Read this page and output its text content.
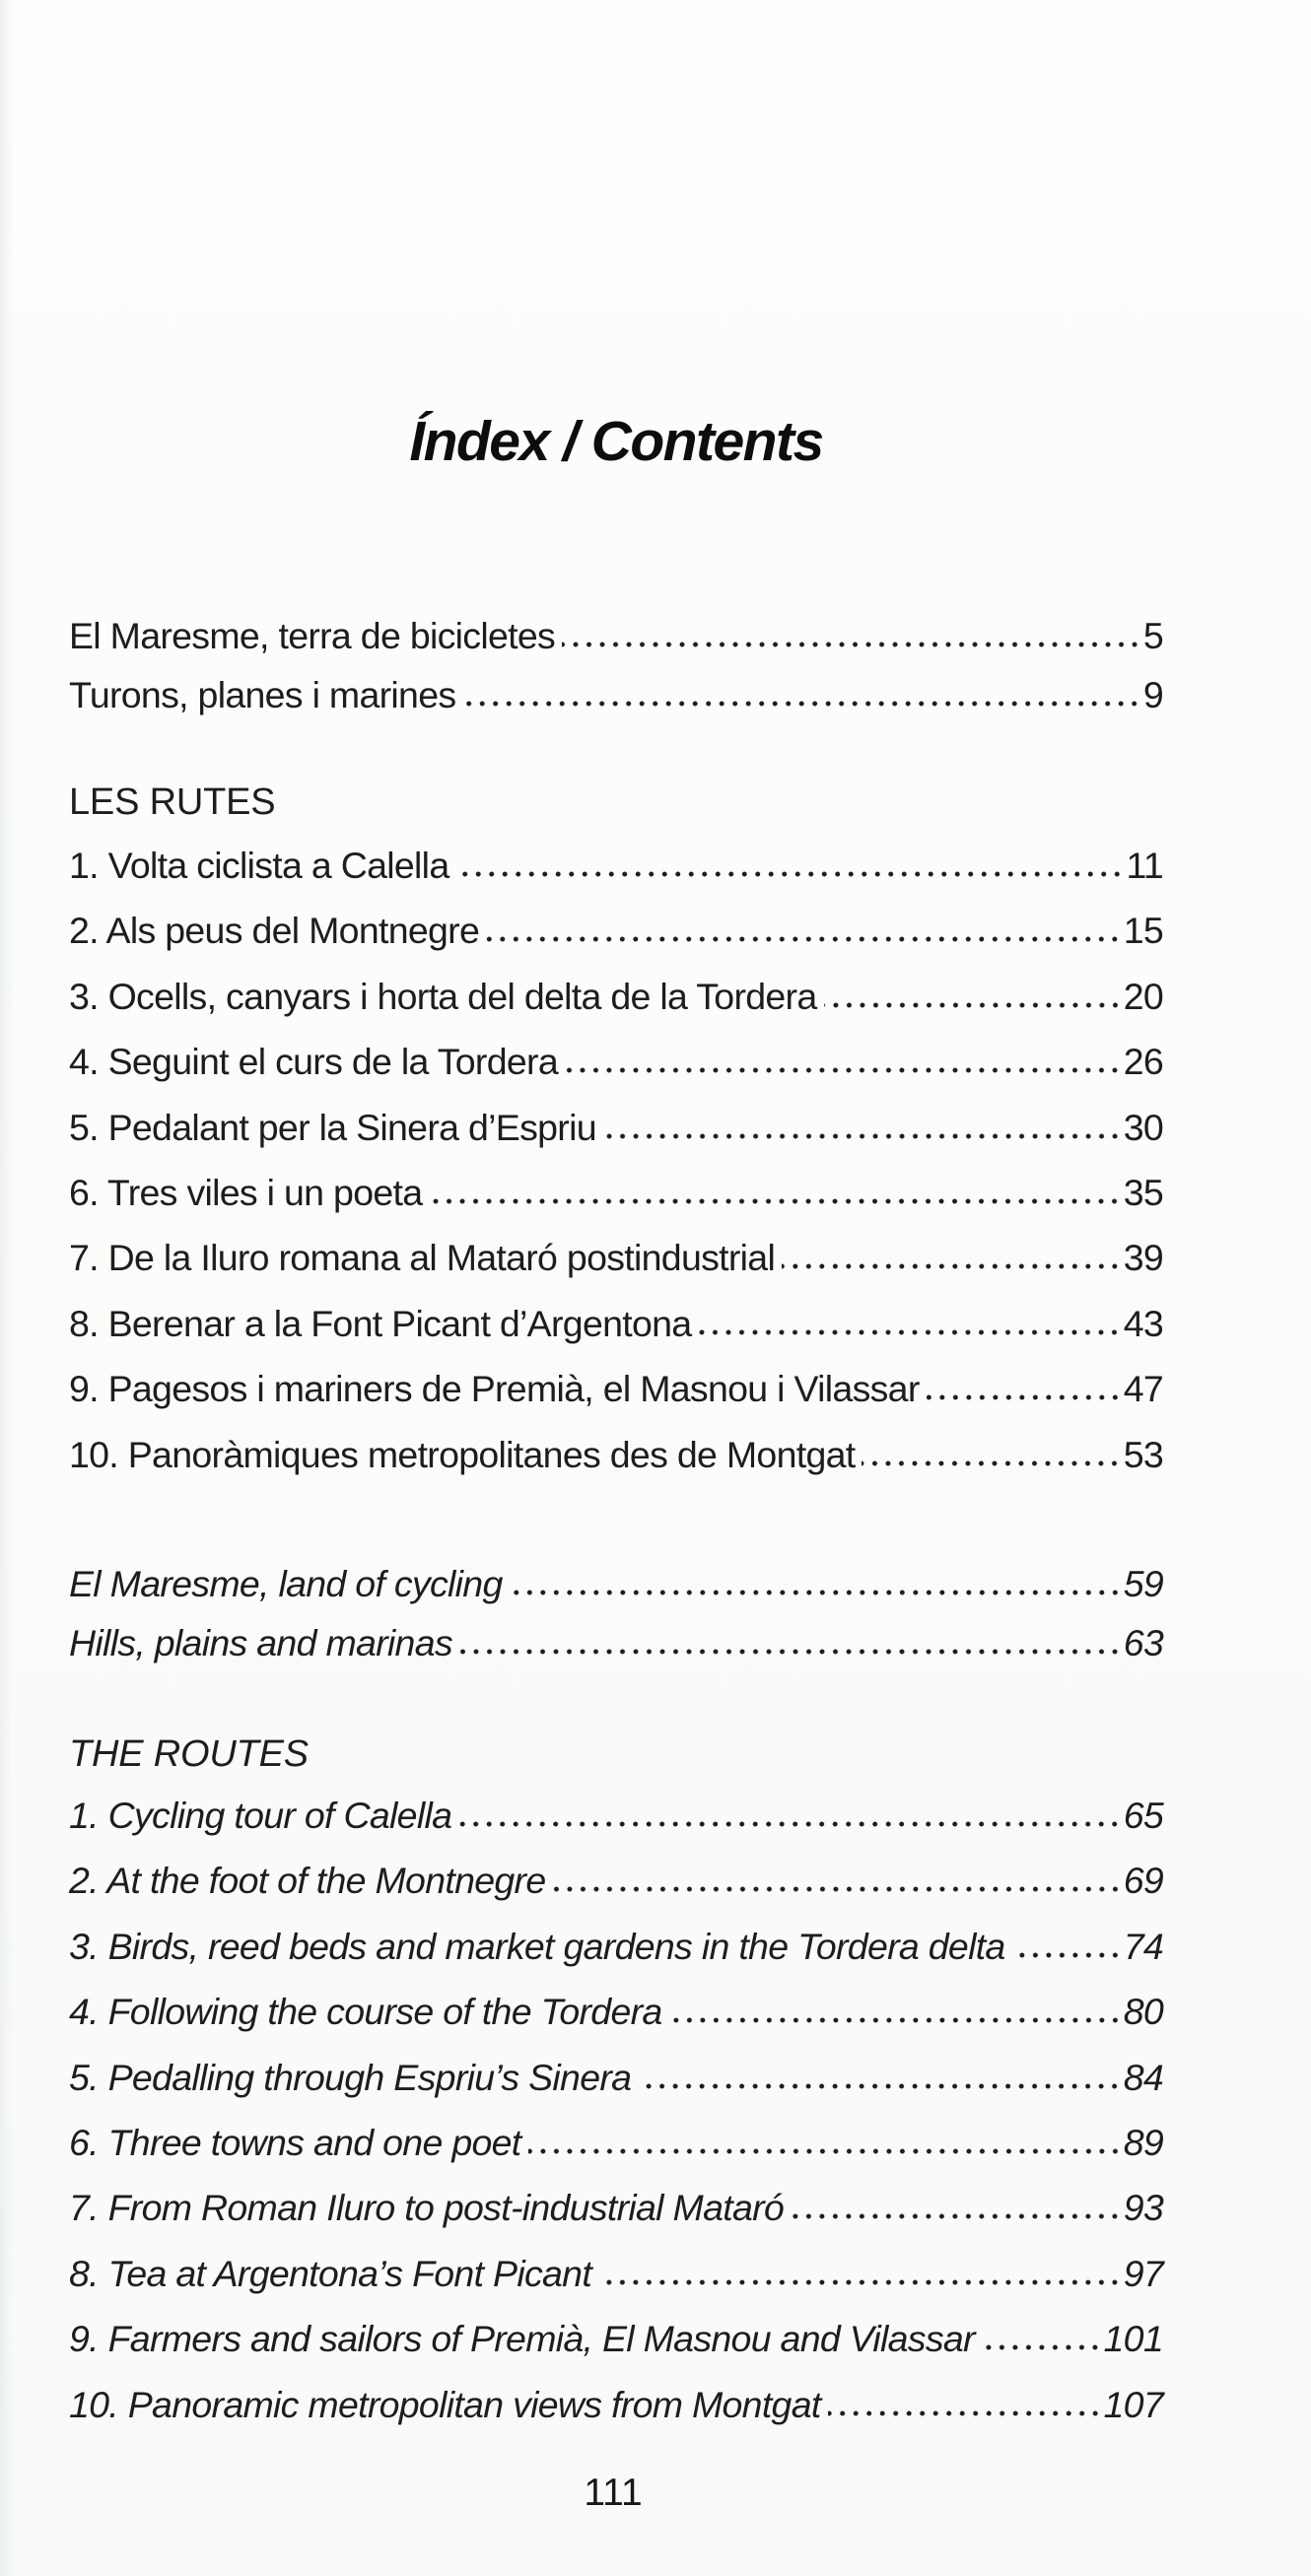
Índex / Contents
El Maresme, terra de bicicletes	5
Turons, planes i marines	9
LES RUTES
1. Volta ciclista a Calella	11
2. Als peus del Montnegre	15
3. Ocells, canyars i horta del delta de la Tordera	20
4. Seguint el curs de la Tordera	26
5. Pedalant per la Sinera d’Espriu	30
6. Tres viles i un poeta	35
7. De la Iluro romana al Mataró postindustrial	39
8. Berenar a la Font Picant d’Argentona	43
9. Pagesos i mariners de Premià, el Masnou i Vilassar	47
10. Panoràmiques metropolitanes des de Montgat	53
El Maresme, land of cycling	59
Hills, plains and marinas	63
THE ROUTES
1. Cycling tour of Calella	65
2. At the foot of the Montnegre	69
3. Birds, reed beds and market gardens in the Tordera delta	74
4. Following the course of the Tordera	80
5. Pedalling through Espriu’s Sinera	84
6. Three towns and one poet	89
7. From Roman Iluro to post-industrial Mataró	93
8. Tea at Argentona’s Font Picant	97
9. Farmers and sailors of Premià, El Masnou and Vilassar	101
10. Panoramic metropolitan views from Montgat	107
111
